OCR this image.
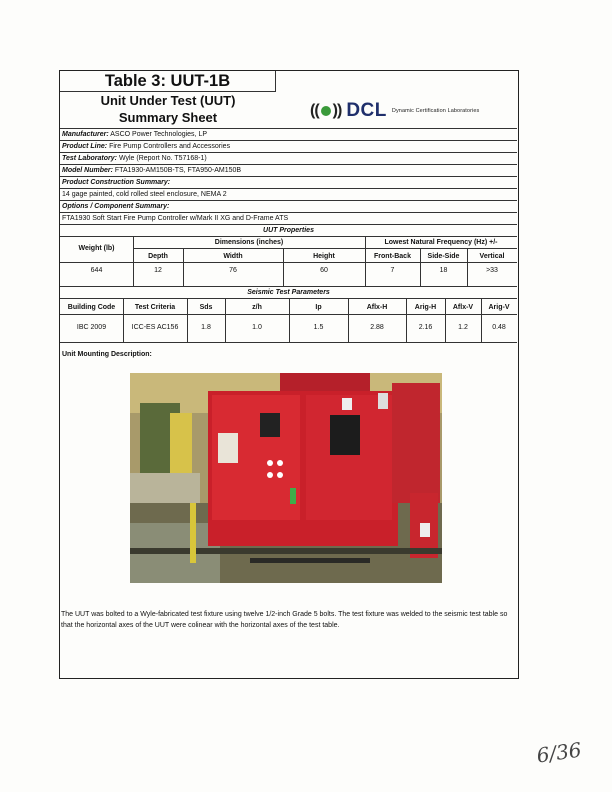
Table 3: UUT-1B
Unit Under Test (UUT)
Summary Sheet	(( )) DCL Dynamic Certification Laboratories
Manufacturer: ASCO Power Technologies, LP
Product Line: Fire Pump Controllers and Accessories
Test Laboratory: Wyle (Report No. T57168-1)
Model Number: FTA1930-AM150B-TS, FTA950-AM150B
Product Construction Summary:
14 gage painted, cold rolled steel enclosure, NEMA 2
Options / Component Summary:
FTA1930 Soft Start Fire Pump Controller w/Mark II XG and D-Frame ATS
UUT Properties
Weight (lb)
Dimensions (inches)	Lowest Natural Frequency (Hz) +/-
Depth	Width	Height	Front-Back	Side-Side	Vertical
644	12	76	60	7	18	>33
Seismic Test Parameters
Building Code	Test Criteria	Sds	z/h	Ip	Aflx-H	Arig-H	Aflx-V	Arig-V
IBC 2009	ICC-ES AC156	1.8	1.0	1.5	2.88	2.16	1.2	0.48
Unit Mounting Description:
The UUT was bolted to a Wyle-fabricated test fixture using twelve 1/2-inch Grade 5 bolts. The test fixture was welded to the seismic test table so that the horizontal axes of the UUT were colinear with the horizontal axes of the test table.
6/36
